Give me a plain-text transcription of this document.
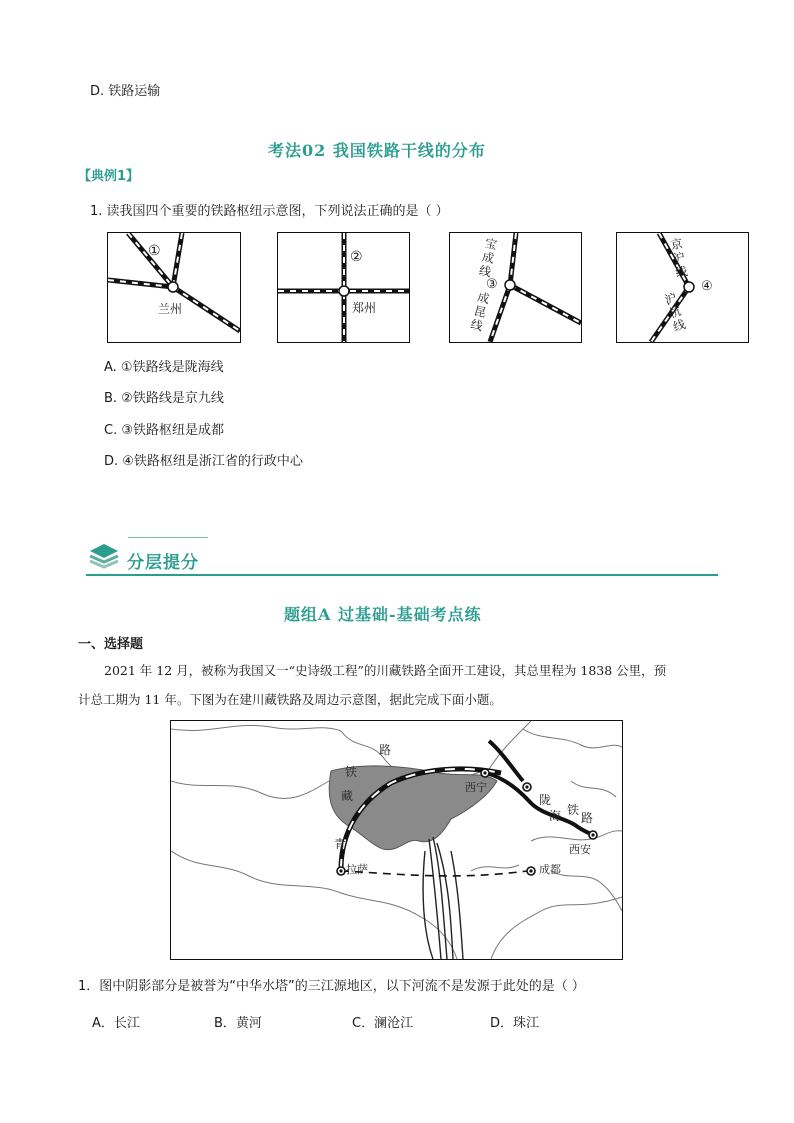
D. 铁路运输
考法02 我国铁路干线的分布
【典例1】
1. 读我国四个重要的铁路枢纽示意图，下列说法正确的是（ ）
①
兰州
②
郑州
宝成线
③
成昆线
京沪线
④
沪杭线
A. ①铁路线是陇海线
B. ②铁路线是京九线
C. ③铁路枢纽是成都
D. ④铁路枢纽是浙江省的行政中心
分层提分
题组A 过基础-基础考点练
一、选择题
2021 年 12 月，被称为我国又一“史诗级工程”的川藏铁路全面开工建设，其总里程为 1838 公里，预
计总工期为 11 年。下图为在建川藏铁路及周边示意图，据此完成下面小题。
青
藏
铁
路
西宁
陇
海 铁
路
西安
拉萨	成都
1．图中阴影部分是被誉为“中华水塔”的三江源地区，以下河流不是发源于此处的是（ ）
A．长江	B．黄河	C．澜沧江	D．珠江
